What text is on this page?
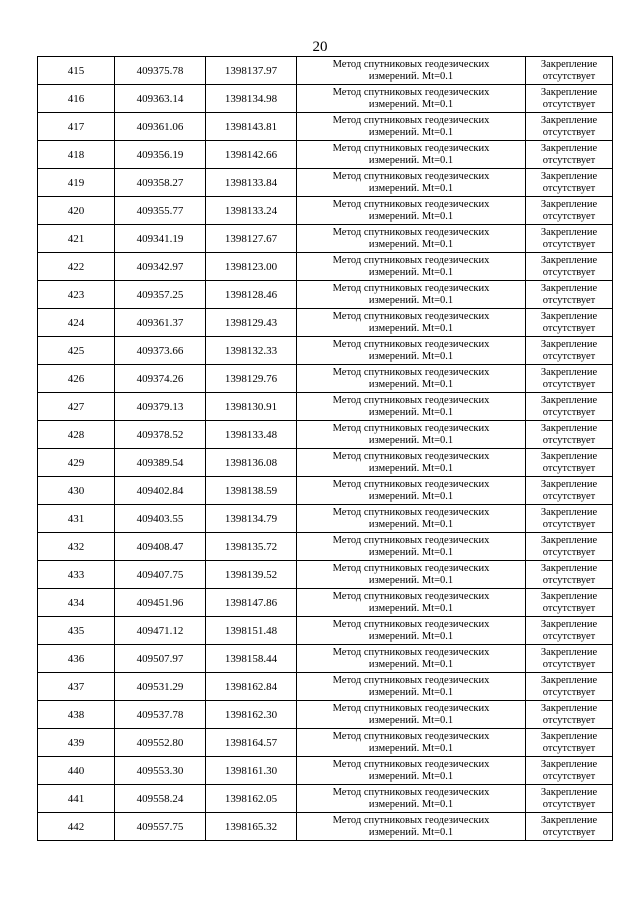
20
415	409375.78	1398137.97	Метод спутниковых геодезических
измерений. Mt=0.1	Закрепление
отсутствует

416	409363.14	1398134.98	Метод спутниковых геодезических
измерений. Mt=0.1	Закрепление
отсутствует

417	409361.06	1398143.81	Метод спутниковых геодезических
измерений. Mt=0.1	Закрепление
отсутствует

418	409356.19	1398142.66	Метод спутниковых геодезических
измерений. Mt=0.1	Закрепление
отсутствует

419	409358.27	1398133.84	Метод спутниковых геодезических
измерений. Mt=0.1	Закрепление
отсутствует

420	409355.77	1398133.24	Метод спутниковых геодезических
измерений. Mt=0.1	Закрепление
отсутствует

421	409341.19	1398127.67	Метод спутниковых геодезических
измерений. Mt=0.1	Закрепление
отсутствует

422	409342.97	1398123.00	Метод спутниковых геодезических
измерений. Mt=0.1	Закрепление
отсутствует

423	409357.25	1398128.46	Метод спутниковых геодезических
измерений. Mt=0.1	Закрепление
отсутствует

424	409361.37	1398129.43	Метод спутниковых геодезических
измерений. Mt=0.1	Закрепление
отсутствует

425	409373.66	1398132.33	Метод спутниковых геодезических
измерений. Mt=0.1	Закрепление
отсутствует

426	409374.26	1398129.76	Метод спутниковых геодезических
измерений. Mt=0.1	Закрепление
отсутствует

427	409379.13	1398130.91	Метод спутниковых геодезических
измерений. Mt=0.1	Закрепление
отсутствует

428	409378.52	1398133.48	Метод спутниковых геодезических
измерений. Mt=0.1	Закрепление
отсутствует

429	409389.54	1398136.08	Метод спутниковых геодезических
измерений. Mt=0.1	Закрепление
отсутствует

430	409402.84	1398138.59	Метод спутниковых геодезических
измерений. Mt=0.1	Закрепление
отсутствует

431	409403.55	1398134.79	Метод спутниковых геодезических
измерений. Mt=0.1	Закрепление
отсутствует

432	409408.47	1398135.72	Метод спутниковых геодезических
измерений. Mt=0.1	Закрепление
отсутствует

433	409407.75	1398139.52	Метод спутниковых геодезических
измерений. Mt=0.1	Закрепление
отсутствует

434	409451.96	1398147.86	Метод спутниковых геодезических
измерений. Mt=0.1	Закрепление
отсутствует

435	409471.12	1398151.48	Метод спутниковых геодезических
измерений. Mt=0.1	Закрепление
отсутствует

436	409507.97	1398158.44	Метод спутниковых геодезических
измерений. Mt=0.1	Закрепление
отсутствует

437	409531.29	1398162.84	Метод спутниковых геодезических
измерений. Mt=0.1	Закрепление
отсутствует

438	409537.78	1398162.30	Метод спутниковых геодезических
измерений. Mt=0.1	Закрепление
отсутствует

439	409552.80	1398164.57	Метод спутниковых геодезических
измерений. Mt=0.1	Закрепление
отсутствует

440	409553.30	1398161.30	Метод спутниковых геодезических
измерений. Mt=0.1	Закрепление
отсутствует

441	409558.24	1398162.05	Метод спутниковых геодезических
измерений. Mt=0.1	Закрепление
отсутствует

442	409557.75	1398165.32	Метод спутниковых геодезических
измерений. Mt=0.1	Закрепление
отсутствует
